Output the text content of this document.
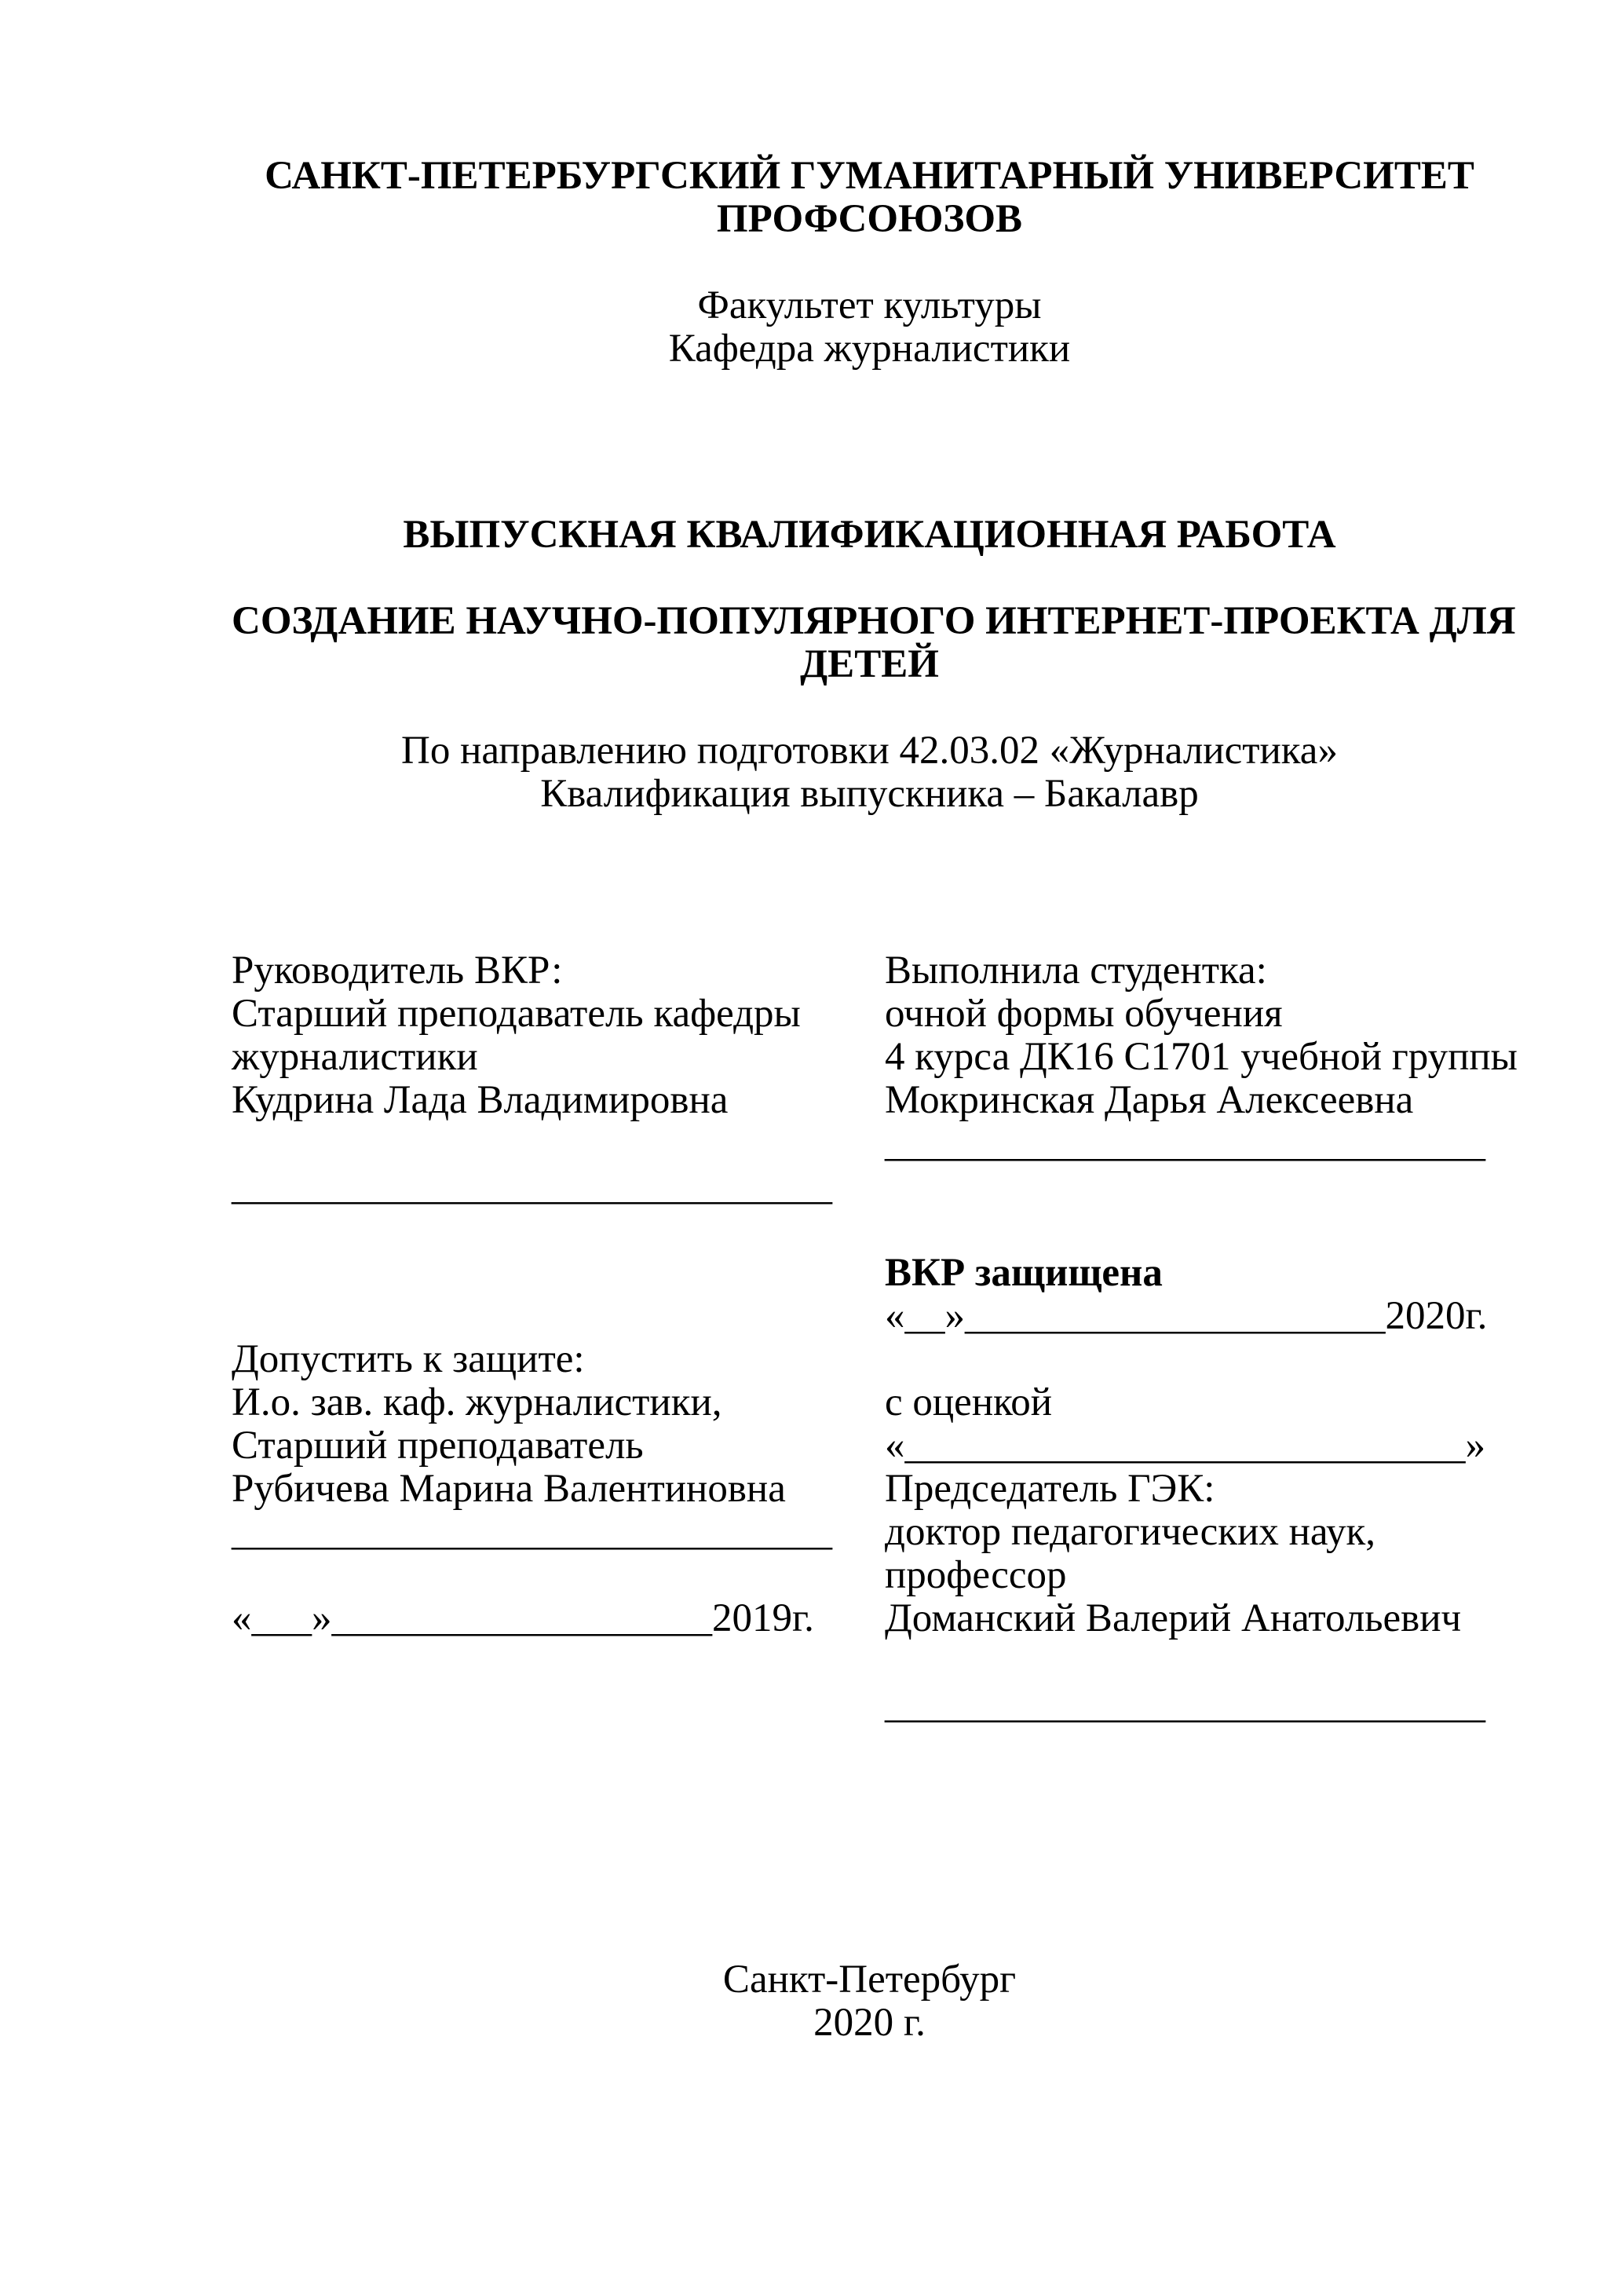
САНКТ-ПЕТЕРБУРГСКИЙ ГУМАНИТАРНЫЙ УНИВЕРСИТЕТ
ПРОФСОЮЗОВ
Факультет культуры
Кафедра журналистики
ВЫПУСКНАЯ КВАЛИФИКАЦИОННАЯ РАБОТА
СОЗДАНИЕ НАУЧНО-ПОПУЛЯРНОГО ИНТЕРНЕТ-ПРОЕКТА ДЛЯ
ДЕТЕЙ
По направлению подготовки 42.03.02 «Журналистика»
Квалификация выпускника – Бакалавр
Руководитель ВКР:
Старший преподаватель кафедры
журналистики
Кудрина Лада Владимировна
______________________________
Допустить к защите:
И.о. зав. каф. журналистики,
Старший преподаватель
Рубичева Марина Валентиновна
______________________________
«___»___________________2019г.
Выполнила студентка:
очной формы обучения
4 курса ДК16 С1701 учебной группы
Мокринская Дарья Алексеевна
______________________________
ВКР защищена
«__»_____________________2020г.
с оценкой
«____________________________»
Председатель ГЭК:
доктор педагогических наук,
профессор
Доманский Валерий Анатольевич
______________________________
Санкт-Петербург
2020 г.
